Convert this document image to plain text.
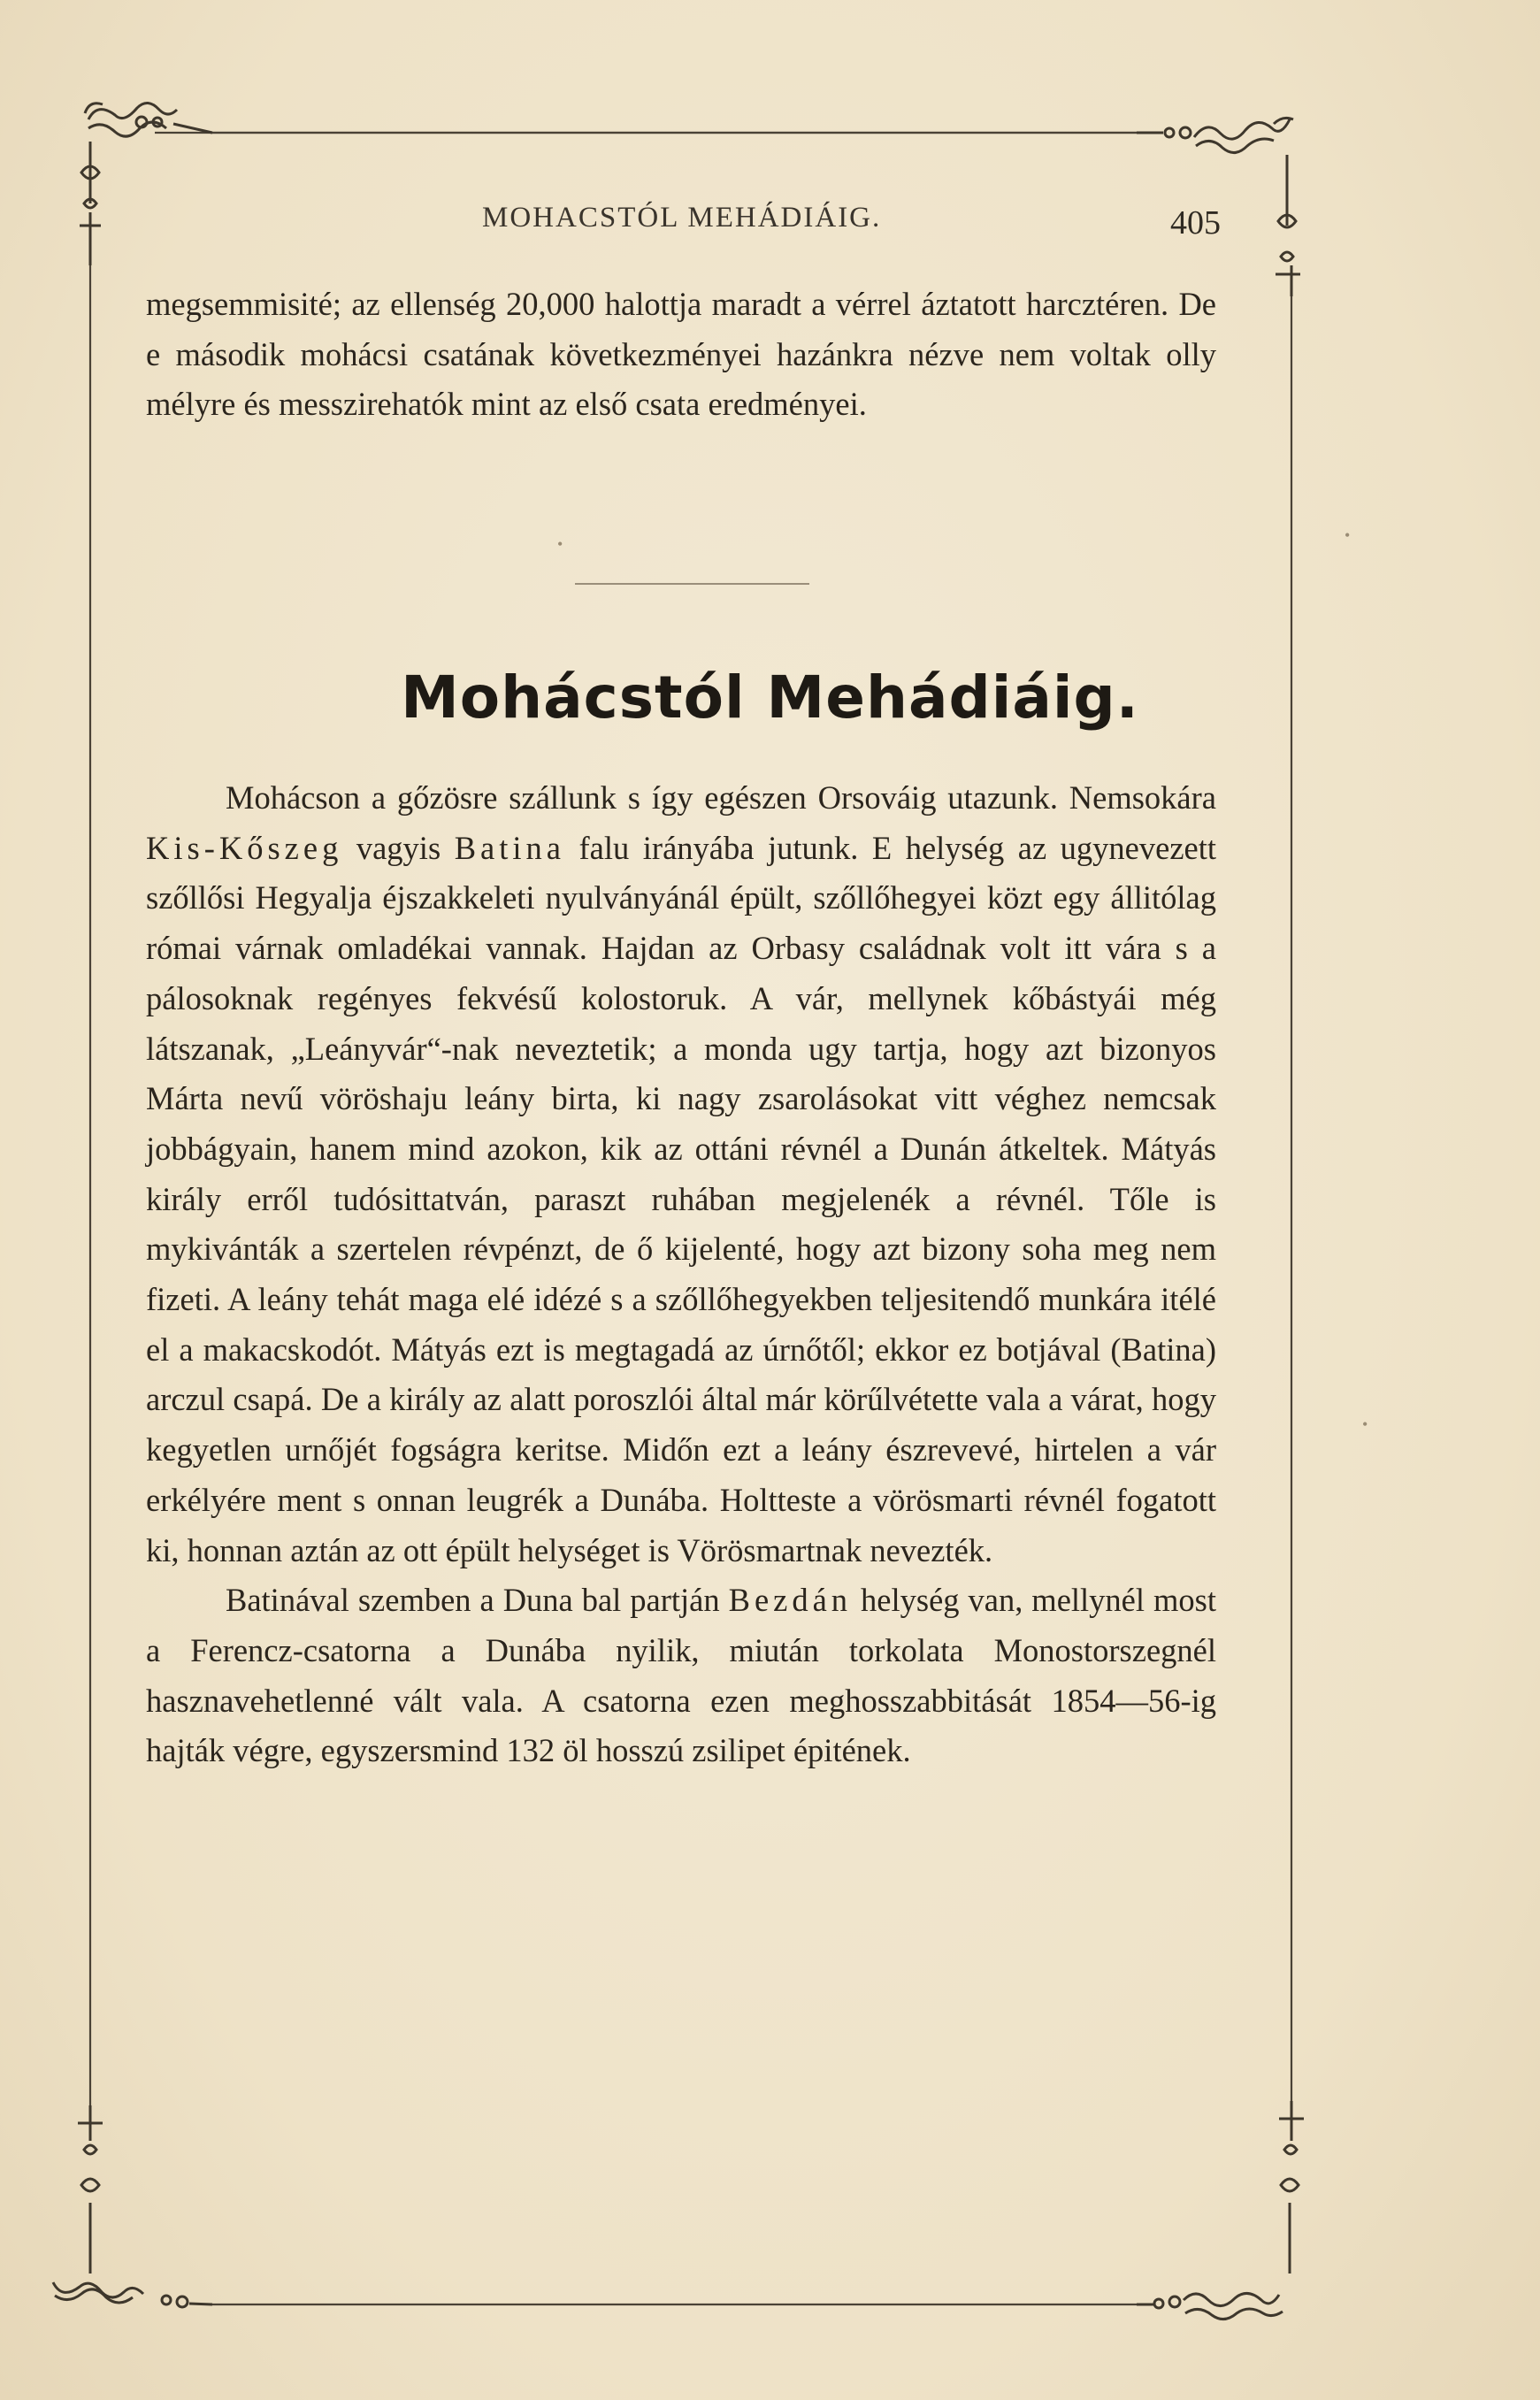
MOHACSTÓL MEHÁDIÁIG.	405

megsemmisité; az ellenség 20,000 halottja maradt a vérrel áztatott harcztéren. De e második mohácsi csatának következményei hazánkra nézve nem voltak olly mélyre és messzirehatók mint az első csata eredményei.

Mohácstól Mehádiáig.

Mohácson a gőzösre szállunk s így egészen Orsováig utazunk. Nemsokára Kis-Kőszeg vagyis Batina falu irányába jutunk. E helység az ugynevezett szőllősi Hegyalja éjszakkeleti nyulványánál épült, szőllőhegyei közt egy állitólag római várnak omladékai vannak. Hajdan az Orbasy családnak volt itt vára s a pálosoknak regényes fekvésű kolostoruk. A vár, mellynek kőbástyái még látszanak, „Leányvár“-nak neveztetik; a monda ugy tartja, hogy azt bizonyos Márta nevű vöröshaju leány birta, ki nagy zsarolásokat vitt véghez nemcsak jobbágyain, hanem mind azokon, kik az ottáni révnél a Dunán átkeltek. Mátyás király erről tudósittatván, paraszt ruhában megjelenék a révnél. Tőle is mykivánták a szertelen révpénzt, de ő kijelenté, hogy azt bizony soha meg nem fizeti. A leány tehát maga elé idézé s a szőllőhegyekben teljesitendő munkára itélé el a makacskodót. Mátyás ezt is megtagadá az úrnőtől; ekkor ez botjával (Batina) arczul csapá. De a király az alatt poroszlói által már körűlvétette vala a várat, hogy kegyetlen urnőjét fogságra keritse. Midőn ezt a leány észrevevé, hirtelen a vár erkélyére ment s onnan leugrék a Dunába. Holtteste a vörösmarti révnél fogatott ki, honnan aztán az ott épült helységet is Vörösmartnak nevezték.

Batinával szemben a Duna bal partján Bezdán helység van, mellynél most a Ferencz-csatorna a Dunába nyilik, miután torkolata Monostorszegnél hasznavehetlenné vált vala. A csatorna ezen meghosszabbitását 1854—56-ig hajták végre, egyszersmind 132 öl hosszú zsilipet épitének.

•	•
•
